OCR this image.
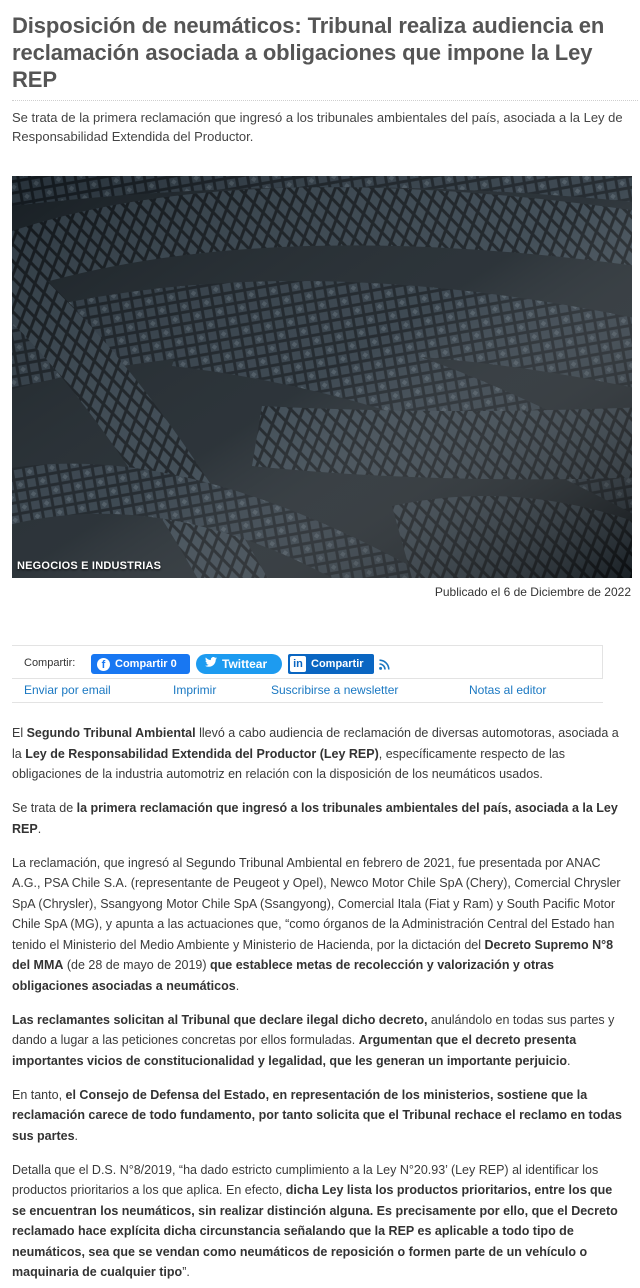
Disposición de neumáticos: Tribunal realiza audiencia en reclamación asociada a obligaciones que impone la Ley REP

Se trata de la primera reclamación que ingresó a los tribunales ambientales del país, asociada a la Ley de Responsabilidad Extendida del Productor.

NEGOCIOS E INDUSTRIAS
Publicado el 6 de Diciembre de 2022
Compartir:	f Compartir 0	Twittear in Compartir
Enviar por email	Imprimir	Suscribirse a newsletter	Notas al editor

El Segundo Tribunal Ambiental llevó a cabo audiencia de reclamación de diversas automotoras, asociada a la Ley de Responsabilidad Extendida del Productor (Ley REP), específicamente respecto de las obligaciones de la industria automotriz en relación con la disposición de los neumáticos usados.

Se trata de la primera reclamación que ingresó a los tribunales ambientales del país, asociada a la Ley REP.

La reclamación, que ingresó al Segundo Tribunal Ambiental en febrero de 2021, fue presentada por ANAC A.G., PSA Chile S.A. (representante de Peugeot y Opel), Newco Motor Chile SpA (Chery), Comercial Chrysler SpA (Chrysler), Ssangyong Motor Chile SpA (Ssangyong), Comercial Itala (Fiat y Ram) y South Pacific Motor Chile SpA (MG), y apunta a las actuaciones que, “como órganos de la Administración Central del Estado han tenido el Ministerio del Medio Ambiente y Ministerio de Hacienda, por la dictación del Decreto Supremo N°8 del MMA (de 28 de mayo de 2019) que establece metas de recolección y valorización y otras obligaciones asociadas a neumáticos.

Las reclamantes solicitan al Tribunal que declare ilegal dicho decreto, anulándolo en todas sus partes y dando a lugar a las peticiones concretas por ellos formuladas. Argumentan que el decreto presenta importantes vicios de constitucionalidad y legalidad, que les generan un importante perjuicio.

En tanto, el Consejo de Defensa del Estado, en representación de los ministerios, sostiene que la reclamación carece de todo fundamento, por tanto solicita que el Tribunal rechace el reclamo en todas sus partes.

Detalla que el D.S. N°8/2019, “ha dado estricto cumplimiento a la Ley N°20.93’ (Ley REP) al identificar los productos prioritarios a los que aplica. En efecto, dicha Ley lista los productos prioritarios, entre los que se encuentran los neumáticos, sin realizar distinción alguna. Es precisamente por ello, que el Decreto reclamado hace explícita dicha circunstancia señalando que la REP es aplicable a todo tipo de neumáticos, sea que se vendan como neumáticos de reposición o formen parte de un vehículo o maquinaria de cualquier tipo”.
